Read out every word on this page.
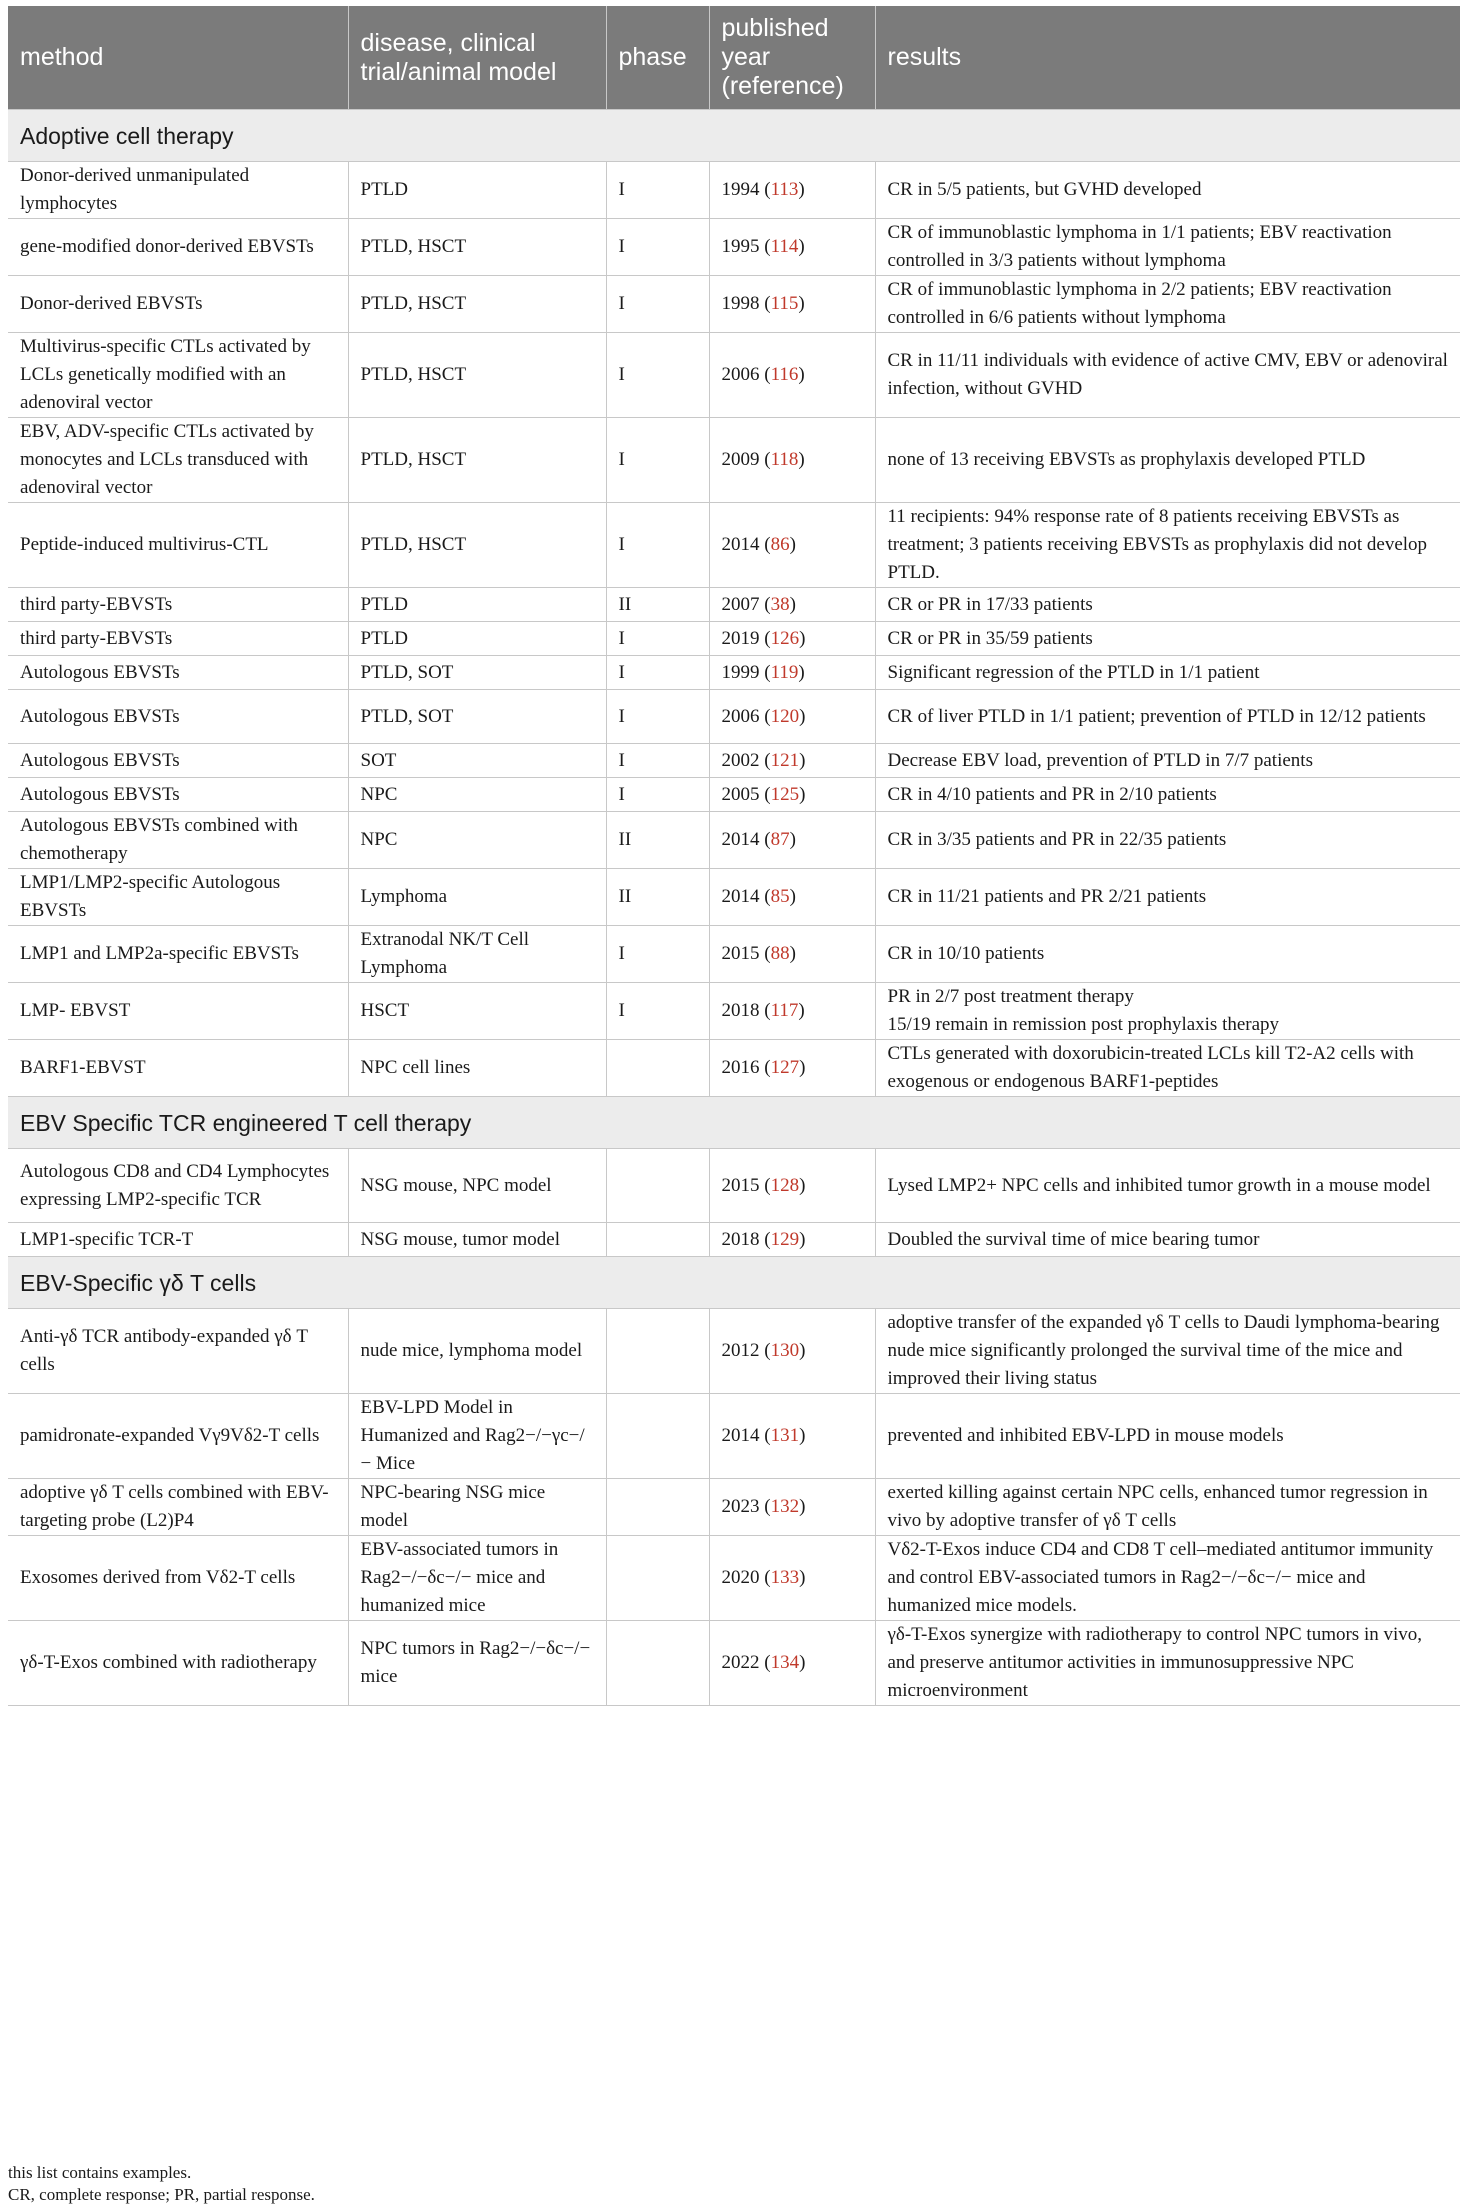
method	disease, clinical trial/animal model	phase	published year (reference)	results
Adoptive cell therapy				
Donor-derived unmanipulated lymphocytes	PTLD	I	1994 (113)	CR in 5/5 patients, but GVHD developed
gene-modified donor-derived EBVSTs	PTLD, HSCT	I	1995 (114)	CR of immunoblastic lymphoma in 1/1 patients; EBV reactivation controlled in 3/3 patients without lymphoma
Donor-derived EBVSTs	PTLD, HSCT	I	1998 (115)	CR of immunoblastic lymphoma in 2/2 patients; EBV reactivation controlled in 6/6 patients without lymphoma
Multivirus-specific CTLs activated by LCLs genetically modified with an adenoviral vector	PTLD, HSCT	I	2006 (116)	CR in 11/11 individuals with evidence of active CMV, EBV or adenoviral infection, without GVHD
EBV, ADV-specific CTLs activated by monocytes and LCLs transduced with adenoviral vector	PTLD, HSCT	I	2009 (118)	none of 13 receiving EBVSTs as prophylaxis developed PTLD
Peptide-induced multivirus-CTL	PTLD, HSCT	I	2014 (86)	11 recipients: 94% response rate of 8 patients receiving EBVSTs as treatment; 3 patients receiving EBVSTs as prophylaxis did not develop PTLD.
third party-EBVSTs	PTLD	II	2007 (38)	CR or PR in 17/33 patients
third party-EBVSTs	PTLD	I	2019 (126)	CR or PR in 35/59 patients
Autologous EBVSTs	PTLD, SOT	I	1999 (119)	Significant regression of the PTLD in 1/1 patient
Autologous EBVSTs	PTLD, SOT	I	2006 (120)	CR of liver PTLD in 1/1 patient; prevention of PTLD in 12/12 patients
Autologous EBVSTs	SOT	I	2002 (121)	Decrease EBV load, prevention of PTLD in 7/7 patients
Autologous EBVSTs	NPC	I	2005 (125)	CR in 4/10 patients and PR in 2/10 patients
Autologous EBVSTs combined with chemotherapy	NPC	II	2014 (87)	CR in 3/35 patients and PR in 22/35 patients
LMP1/LMP2-specific Autologous EBVSTs	Lymphoma	II	2014 (85)	CR in 11/21 patients and PR 2/21 patients
LMP1 and LMP2a-specific EBVSTs	Extranodal NK/T Cell Lymphoma	I	2015 (88)	CR in 10/10 patients
LMP- EBVST	HSCT	I	2018 (117)	PR in 2/7 post treatment therapy
15/19 remain in remission post prophylaxis therapy
BARF1-EBVST	NPC cell lines		2016 (127)	CTLs generated with doxorubicin-treated LCLs kill T2-A2 cells with exogenous or endogenous BARF1-peptides
EBV Specific TCR engineered T cell therapy				
Autologous CD8 and CD4 Lymphocytes expressing LMP2-specific TCR	NSG mouse, NPC model		2015 (128)	Lysed LMP2+ NPC cells and inhibited tumor growth in a mouse model
LMP1-specific TCR-T	NSG mouse, tumor model		2018 (129)	Doubled the survival time of mice bearing tumor
EBV-Specific γδ T cells				
Anti-γδ TCR antibody-expanded γδ T cells	nude mice, lymphoma model		2012 (130)	adoptive transfer of the expanded γδ T cells to Daudi lymphoma-bearing nude mice significantly prolonged the survival time of the mice and improved their living status
pamidronate-expanded Vγ9Vδ2-T cells	EBV-LPD Model in Humanized and Rag2−/−γc−/− Mice		2014 (131)	prevented and inhibited EBV-LPD in mouse models
adoptive γδ T cells combined with EBV-targeting probe (L2)P4	NPC-bearing NSG mice model		2023 (132)	exerted killing against certain NPC cells, enhanced tumor regression in vivo by adoptive transfer of γδ T cells
Exosomes derived from Vδ2-T cells	EBV-associated tumors in Rag2−/−δc−/− mice and humanized mice		2020 (133)	Vδ2-T-Exos induce CD4 and CD8 T cell–mediated antitumor immunity and control EBV-associated tumors in Rag2−/−δc−/− mice and humanized mice models.
γδ-T-Exos combined with radiotherapy	NPC tumors in Rag2−/−δc−/− mice		2022 (134)	γδ-T-Exos synergize with radiotherapy to control NPC tumors in vivo, and preserve antitumor activities in immunosuppressive NPC microenvironment
this list contains examples.
CR, complete response; PR, partial response.
